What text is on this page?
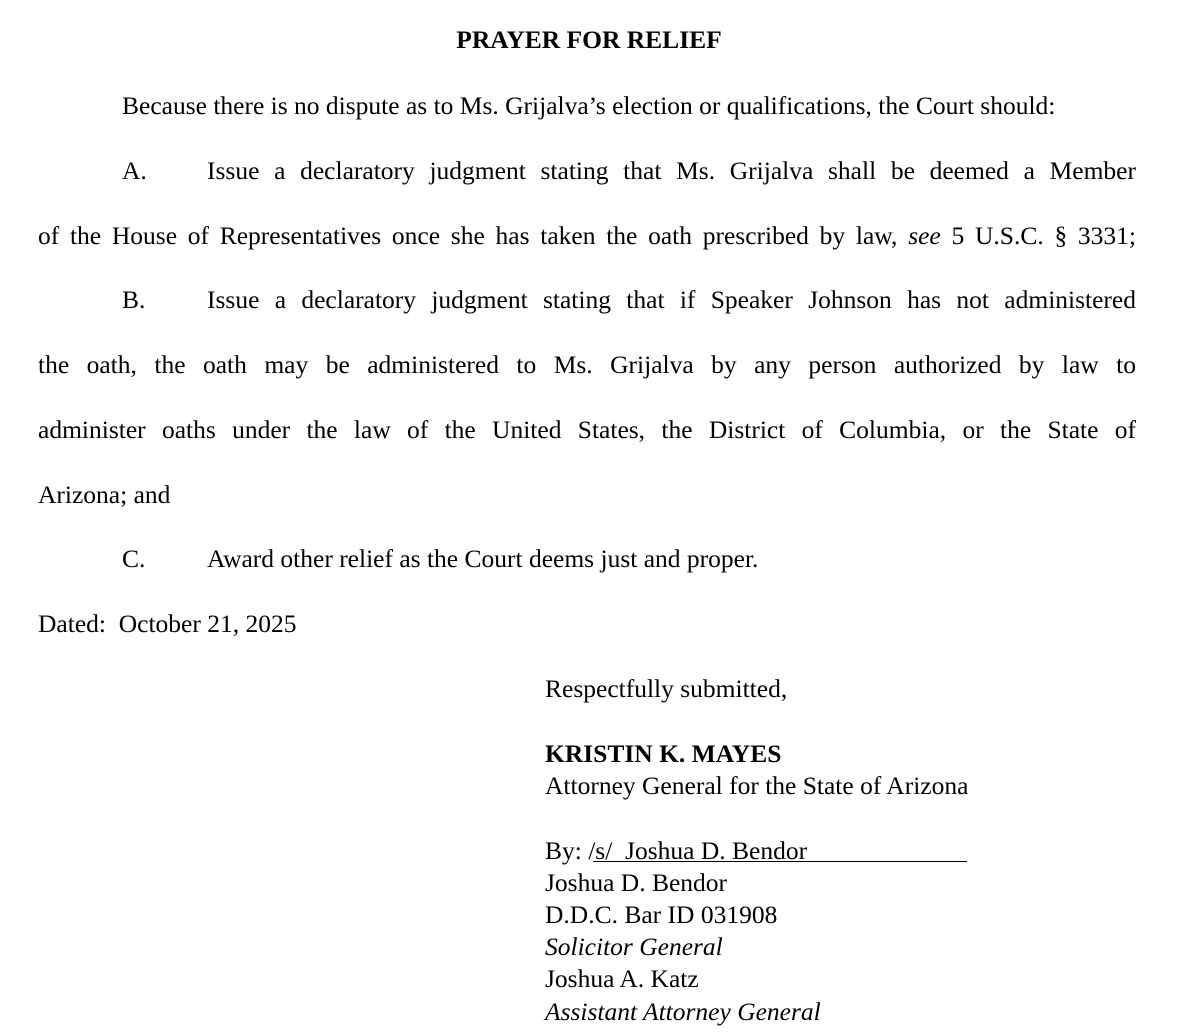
PRAYER FOR RELIEF
Because there is no dispute as to Ms. Grijalva’s election or qualifications, the Court should:
A. Issue a declaratory judgment stating that Ms. Grijalva shall be deemed a Member
of the House of Representatives once she has taken the oath prescribed by law, see 5 U.S.C. § 3331;
B. Issue a declaratory judgment stating that if Speaker Johnson has not administered
the oath, the oath may be administered to Ms. Grijalva by any person authorized by law to
administer oaths under the law of the United States, the District of Columbia, or the State of
Arizona; and
C. Award other relief as the Court deems just and proper.
Dated:  October 21, 2025
Respectfully submitted,
KRISTIN K. MAYES
Attorney General for the State of Arizona
By: /s/  Joshua D. Bendor
Joshua D. Bendor
D.D.C. Bar ID 031908
Solicitor General
Joshua A. Katz
Assistant Attorney General
